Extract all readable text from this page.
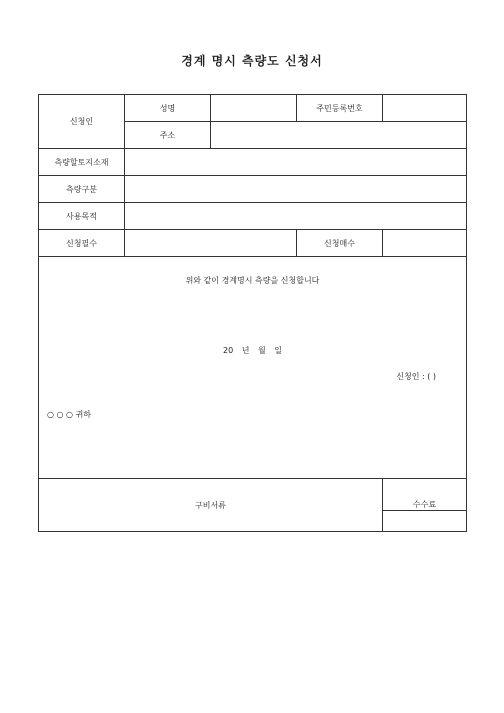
경계 명시 측량도 신청서
신청인	성명		주민등록번호	
	주소			
측량할토지소재				
측량구분				
사용목적				
신청필수			신청매수	

위와 같이 경계명시 측량을 신청합니다
20 년 월 일
신청인 : ( )
○ ○ ○ 귀하				

구비서류				수수료
